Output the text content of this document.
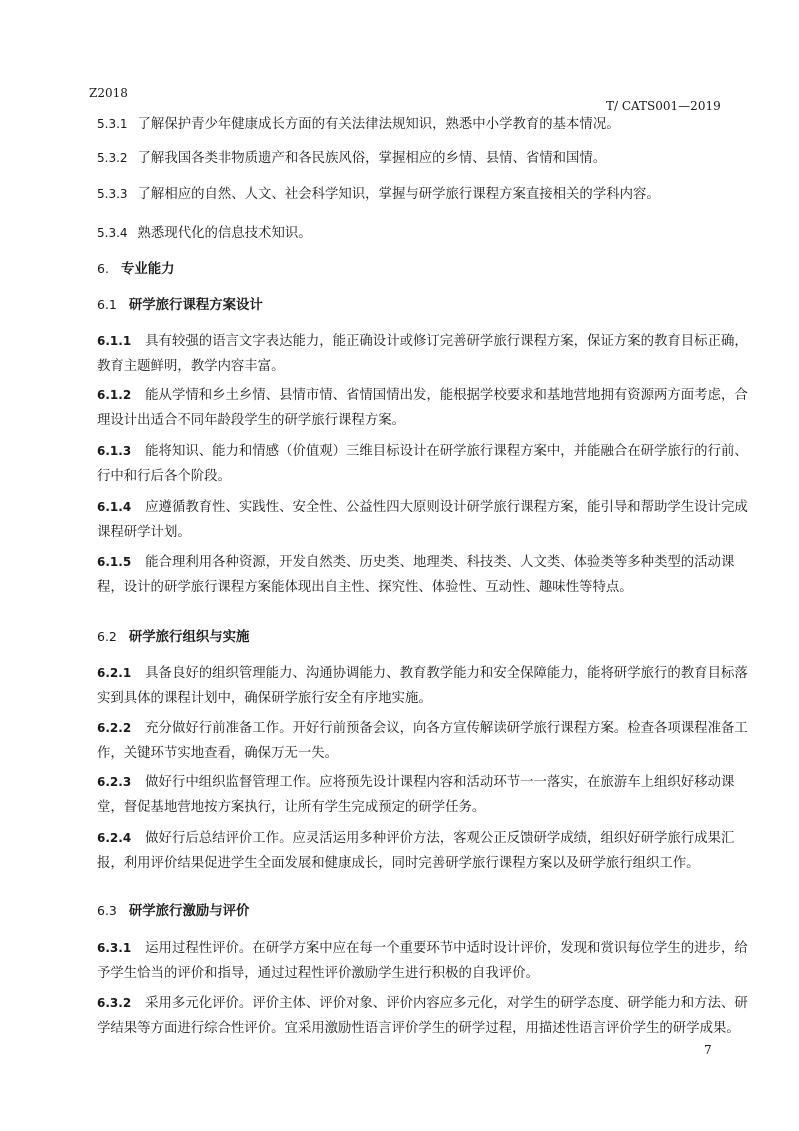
Z2018
T/ CATS001—2019

5.3.1 了解保护青少年健康成长方面的有关法律法规知识，熟悉中小学教育的基本情况。

5.3.2 了解我国各类非物质遗产和各民族风俗，掌握相应的乡情、县情、省情和国情。

5.3.3 了解相应的自然、人文、社会科学知识，掌握与研学旅行课程方案直接相关的学科内容。

5.3.4 熟悉现代化的信息技术知识。

6. 专业能力

6.1 研学旅行课程方案设计

6.1.1 具有较强的语言文字表达能力，能正确设计或修订完善研学旅行课程方案，保证方案的教育目标正确，教育主题鲜明，教学内容丰富。

6.1.2 能从学情和乡土乡情、县情市情、省情国情出发，能根据学校要求和基地营地拥有资源两方面考虑，合理设计出适合不同年龄段学生的研学旅行课程方案。

6.1.3 能将知识、能力和情感（价值观）三维目标设计在研学旅行课程方案中，并能融合在研学旅行的行前、行中和行后各个阶段。

6.1.4 应遵循教育性、实践性、安全性、公益性四大原则设计研学旅行课程方案，能引导和帮助学生设计完成课程研学计划。

6.1.5 能合理利用各种资源，开发自然类、历史类、地理类、科技类、人文类、体验类等多种类型的活动课程，设计的研学旅行课程方案能体现出自主性、探究性、体验性、互动性、趣味性等特点。

6.2 研学旅行组织与实施

6.2.1 具备良好的组织管理能力、沟通协调能力、教育教学能力和安全保障能力，能将研学旅行的教育目标落实到具体的课程计划中，确保研学旅行安全有序地实施。

6.2.2 充分做好行前准备工作。开好行前预备会议，向各方宣传解读研学旅行课程方案。检查各项课程准备工作，关键环节实地查看，确保万无一失。

6.2.3 做好行中组织监督管理工作。应将预先设计课程内容和活动环节一一落实，在旅游车上组织好移动课堂，督促基地营地按方案执行，让所有学生完成预定的研学任务。

6.2.4 做好行后总结评价工作。应灵活运用多种评价方法，客观公正反馈研学成绩，组织好研学旅行成果汇报，利用评价结果促进学生全面发展和健康成长，同时完善研学旅行课程方案以及研学旅行组织工作。

6.3 研学旅行激励与评价

6.3.1 运用过程性评价。在研学方案中应在每一个重要环节中适时设计评价，发现和赏识每位学生的进步，给予学生恰当的评价和指导，通过过程性评价激励学生进行积极的自我评价。

6.3.2 采用多元化评价。评价主体、评价对象、评价内容应多元化，对学生的研学态度、研学能力和方法、研学结果等方面进行综合性评价。宜采用激励性语言评价学生的研学过程，用描述性语言评价学生的研学成果。

7
